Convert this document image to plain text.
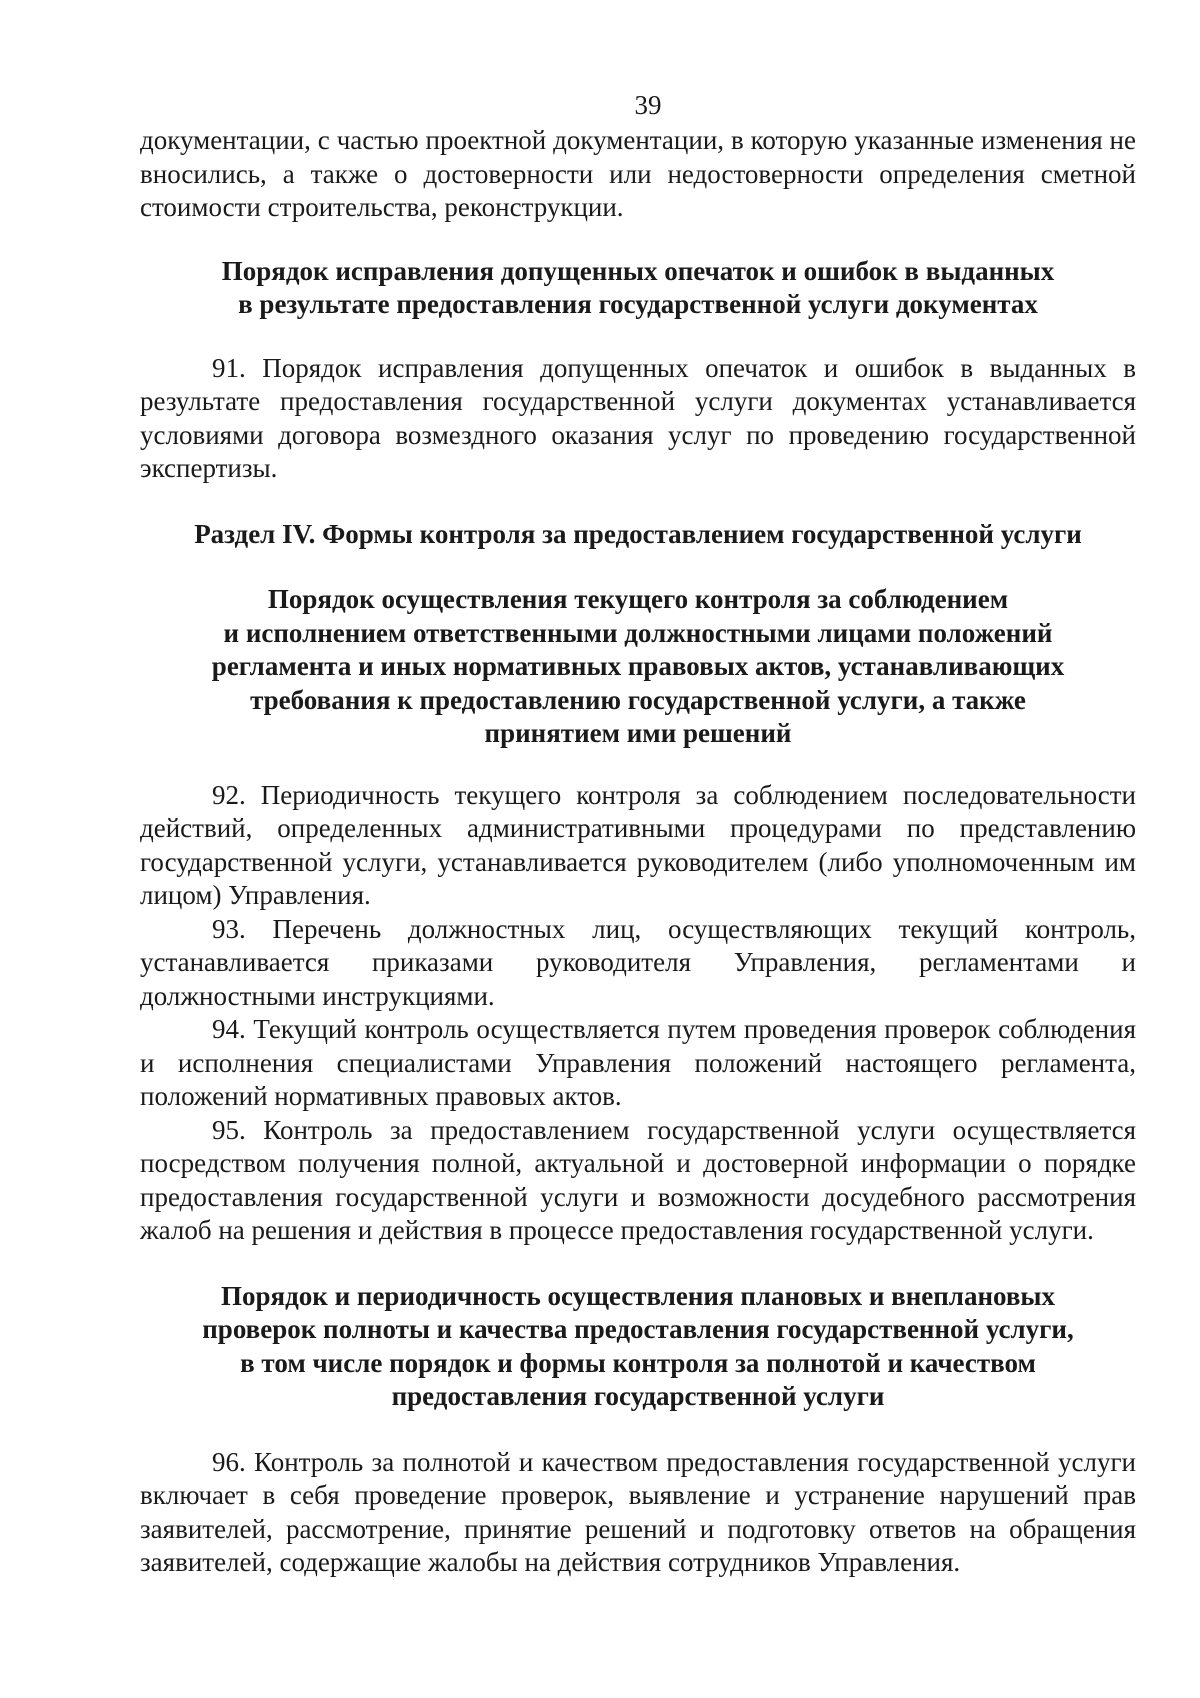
39

документации, с частью проектной документации, в которую указанные изменения не вносились, а также о достоверности или недостоверности определения сметной стоимости строительства, реконструкции.

Порядок исправления допущенных опечаток и ошибок в выданных
в результате предоставления государственной услуги документах

91. Порядок исправления допущенных опечаток и ошибок в выданных в результате предоставления государственной услуги документах устанавливается условиями договора возмездного оказания услуг по проведению государственной экспертизы.

Раздел IV. Формы контроля за предоставлением государственной услуги
Порядок осуществления текущего контроля за соблюдением
и исполнением ответственными должностными лицами положений
регламента и иных нормативных правовых актов, устанавливающих
требования к предоставлению государственной услуги, а также
принятием ими решений

92. Периодичность текущего контроля за соблюдением последовательности действий, определенных административными процедурами по представлению государственной услуги, устанавливается руководителем (либо уполномоченным им лицом) Управления.

93. Перечень должностных лиц, осуществляющих текущий контроль, устанавливается приказами руководителя Управления, регламентами и должностными инструкциями.

94. Текущий контроль осуществляется путем проведения проверок соблюдения и исполнения специалистами Управления положений настоящего регламента, положений нормативных правовых актов.

95. Контроль за предоставлением государственной услуги осуществляется посредством получения полной, актуальной и достоверной информации о порядке предоставления государственной услуги и возможности досудебного рассмотрения жалоб на решения и действия в процессе предоставления государственной услуги.

Порядок и периодичность осуществления плановых и внеплановых
проверок полноты и качества предоставления государственной услуги,
в том числе порядок и формы контроля за полнотой и качеством
предоставления государственной услуги

96. Контроль за полнотой и качеством предоставления государственной услуги включает в себя проведение проверок, выявление и устранение нарушений прав заявителей, рассмотрение, принятие решений и подготовку ответов на обращения заявителей, содержащие жалобы на действия сотрудников Управления.
